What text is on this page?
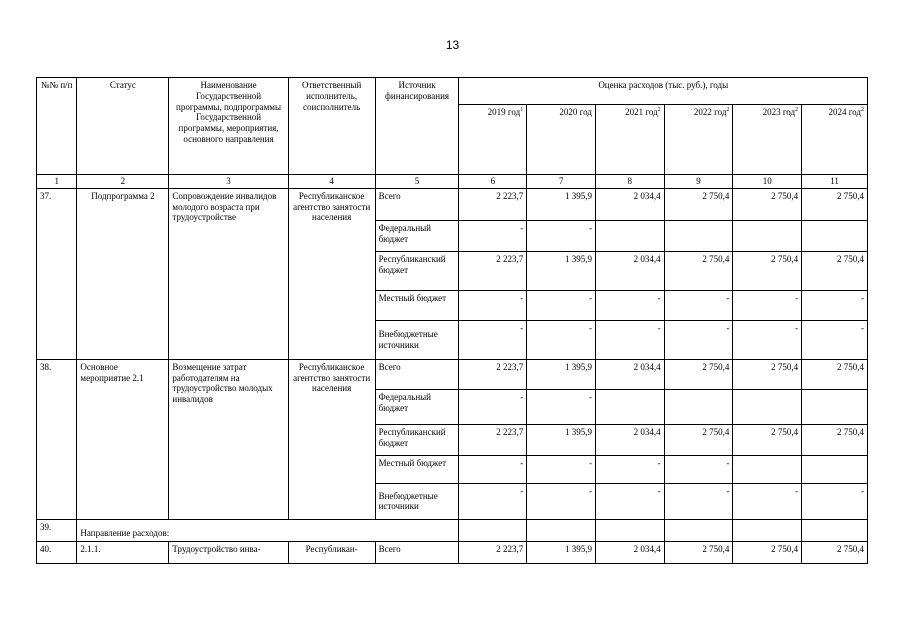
13
№№ п/п	Статус	Наименование Государственной программы, подпрограммы Государственной программы, мероприятия, основного направления	Ответственный исполнитель, соисполнитель	Источник финансирования	Оценка расходов (тыс. руб.), годы					
					2019 год$^1$	2020 год	2021 год$^2$	2022 год$^2$	2023 год$^2$	2024 год$^2$
1	2	3	4	5	6	7	8	9	10	11
37.	Подпрограмма 2	Сопровождение инвалидов молодого возраста при трудоустройстве	Республиканское агентство занятости населения	Всего	2 223,7	1 395,9	2 034,4	2 750,4	2 750,4	2 750,4
				Федеральный бюджет	-	-				
				Республиканский бюджет	2 223,7	1 395,9	2 034,4	2 750,4	2 750,4	2 750,4
				Местный бюджет	-	-	-	-	-	-
				Внебюджетные источники	-	-	-	-	-	-
38.	Основное мероприятие 2.1	Возмещение затрат работодателям на трудоустройство молодых инвалидов	Республиканское агентство занятости населения	Всего	2 223,7	1 395,9	2 034,4	2 750,4	2 750,4	2 750,4
				Федеральный бюджет	-	-				
				Республиканский бюджет	2 223,7	1 395,9	2 034,4	2 750,4	2 750,4	2 750,4
				Местный бюджет	-	-	-	-		
				Внебюджетные источники	-	-	-	-	-	-
39.	Направление расходов:									
40.	2.1.1.	Трудоустройство инва-	Республикан-	Всего	2 223,7	1 395,9	2 034,4	2 750,4	2 750,4	2 750,4
